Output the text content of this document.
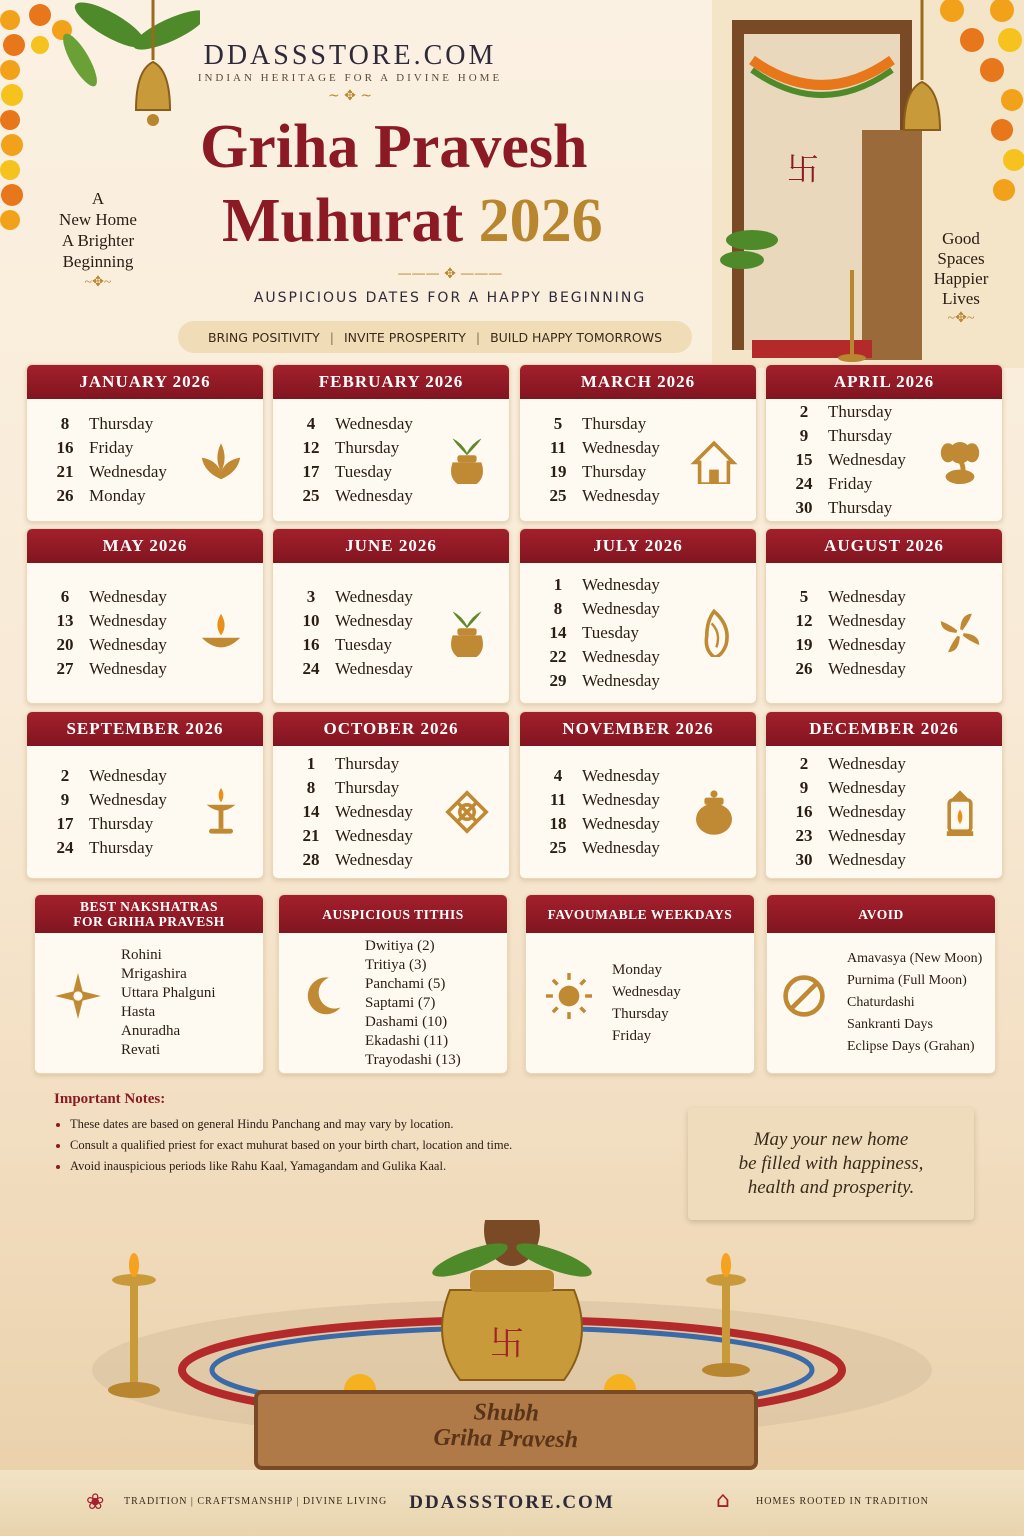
卐
DDASSSTORE.COM
INDIAN HERITAGE FOR A DIVINE HOME
~ ✥ ~
Griha Pravesh
Muhurat 2026
——— ✥ ———
AUSPICIOUS DATES FOR A HAPPY BEGINNING
BRING POSITIVITY | INVITE PROSPERITY | BUILD HAPPY TOMORROWS
A
New Home
A Brighter
Beginning
~✥~
Good
Spaces
Happier
Lives
~✥~
JANUARY 2026
8	Thursday
16 Friday
21 Wednesday
26 Monday
FEBRUARY 2026
4	Wednesday
12 Thursday
17 Tuesday
25 Wednesday
MARCH 2026
5	Thursday
11 Wednesday
19 Thursday
25 Wednesday
APRIL 2026
2	Thursday
9	Thursday
15 Wednesday
24 Friday
30 Thursday
MAY 2026
6	Wednesday
13 Wednesday
20 Wednesday
27 Wednesday
JUNE 2026
3	Wednesday
10 Wednesday
16 Tuesday
24 Wednesday
JULY 2026
1	Wednesday
8	Wednesday
14 Tuesday
22 Wednesday
29 Wednesday
AUGUST 2026
5	Wednesday
12 Wednesday
19 Wednesday
26 Wednesday
SEPTEMBER 2026
2	Wednesday
9	Wednesday
17 Thursday
24 Thursday
OCTOBER 2026
1	Thursday
8	Thursday
14 Wednesday
21 Wednesday
28 Wednesday
NOVEMBER 2026
4	Wednesday
11 Wednesday
18 Wednesday
25 Wednesday
DECEMBER 2026
2	Wednesday
9	Wednesday
16 Wednesday
23 Wednesday
30 Wednesday
BEST NAKSHATRAS
FOR GRIHA PRAVESH
Rohini
Mrigashira
Uttara Phalguni
Hasta
Anuradha
Revati
AUSPICIOUS TITHIS
Dwitiya (2)
Tritiya (3)
Panchami (5)
Saptami (7)
Dashami (10)
Ekadashi (11)
Trayodashi (13)
FAVOUMABLE WEEKDAYS
Monday
Wednesday
Thursday
Friday
AVOID
Amavasya (New Moon)
Purnima (Full Moon)
Chaturdashi
Sankranti Days
Eclipse Days (Grahan)
Important Notes:
• These dates are based on general Hindu Panchang and may vary by location.
• Consult a qualified priest for exact muhurat based on your birth chart, location and time.
• Avoid inauspicious periods like Rahu Kaal, Yamagandam and Gulika Kaal.
May your new home
be filled with happiness,
health and prosperity.
卐
Shubh
Griha Pravesh
❀ TRADITION | CRAFTSMANSHIP | DIVINE LIVING	DDASSSTORE.COM	⌂	HOMES ROOTED IN TRADITION
